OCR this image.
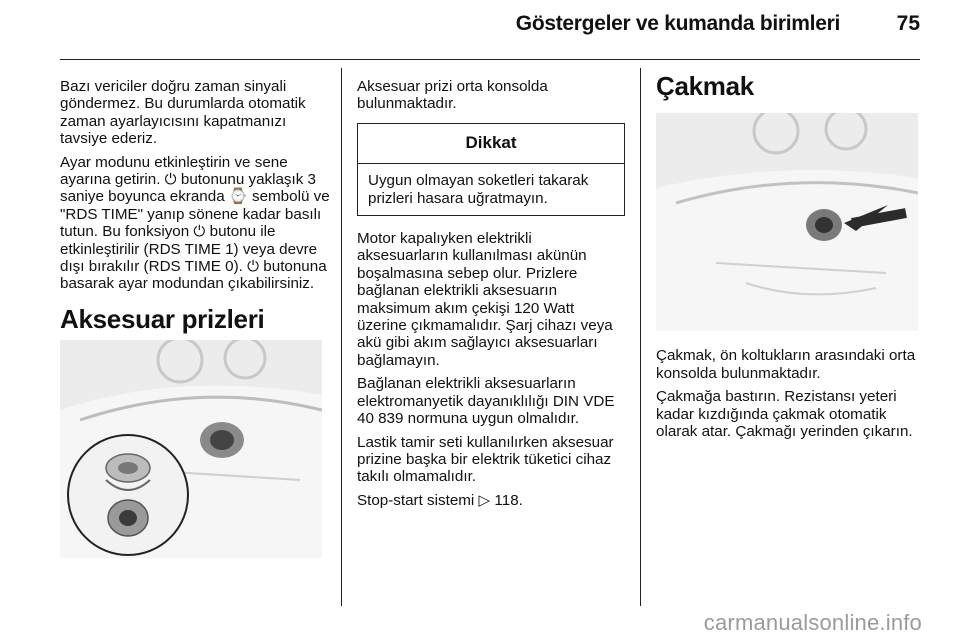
Göstergeler ve kumanda birimleri	75

Bazı vericiler doğru zaman sinyali göndermez. Bu durumlarda otomatik zaman ayarlayıcısını kapatmanızı tavsiye ederiz.

Ayar modunu etkinleştirin ve sene ayarına getirin. ⏻ butonunu yaklaşık 3 saniye boyunca ekranda ⌚ sembolü ve "RDS TIME" yanıp sönene kadar basılı tutun. Bu fonksiyon ⏻ butonu ile etkinleştirilir (RDS TIME 1) veya devre dışı bırakılır (RDS TIME 0). ⏻ butonuna basarak ayar modundan çıkabilirsiniz.

Aksesuar prizleri

Aksesuar prizi orta konsolda bulunmaktadır.

Dikkat
Uygun olmayan soketleri takarak prizleri hasara uğratmayın.

Motor kapalıyken elektrikli aksesuarların kullanılması akünün boşalmasına sebep olur. Prizlere bağlanan elektrikli aksesuarın maksimum akım çekişi 120 Watt üzerine çıkmamalıdır. Şarj cihazı veya akü gibi akım sağlayıcı aksesuarları bağlamayın.

Bağlanan elektrikli aksesuarların elektromanyetik dayanıklılığı DIN VDE 40 839 normuna uygun olmalıdır.

Lastik tamir seti kullanılırken aksesuar prizine başka bir elektrik tüketici cihaz takılı olmamalıdır.

Stop-start sistemi ▷ 118.

Çakmak

Çakmak, ön koltukların arasındaki orta konsolda bulunmaktadır.

Çakmağa bastırın. Rezistansı yeteri kadar kızdığında çakmak otomatik olarak atar. Çakmağı yerinden çıkarın.

carmanualsonline.info
